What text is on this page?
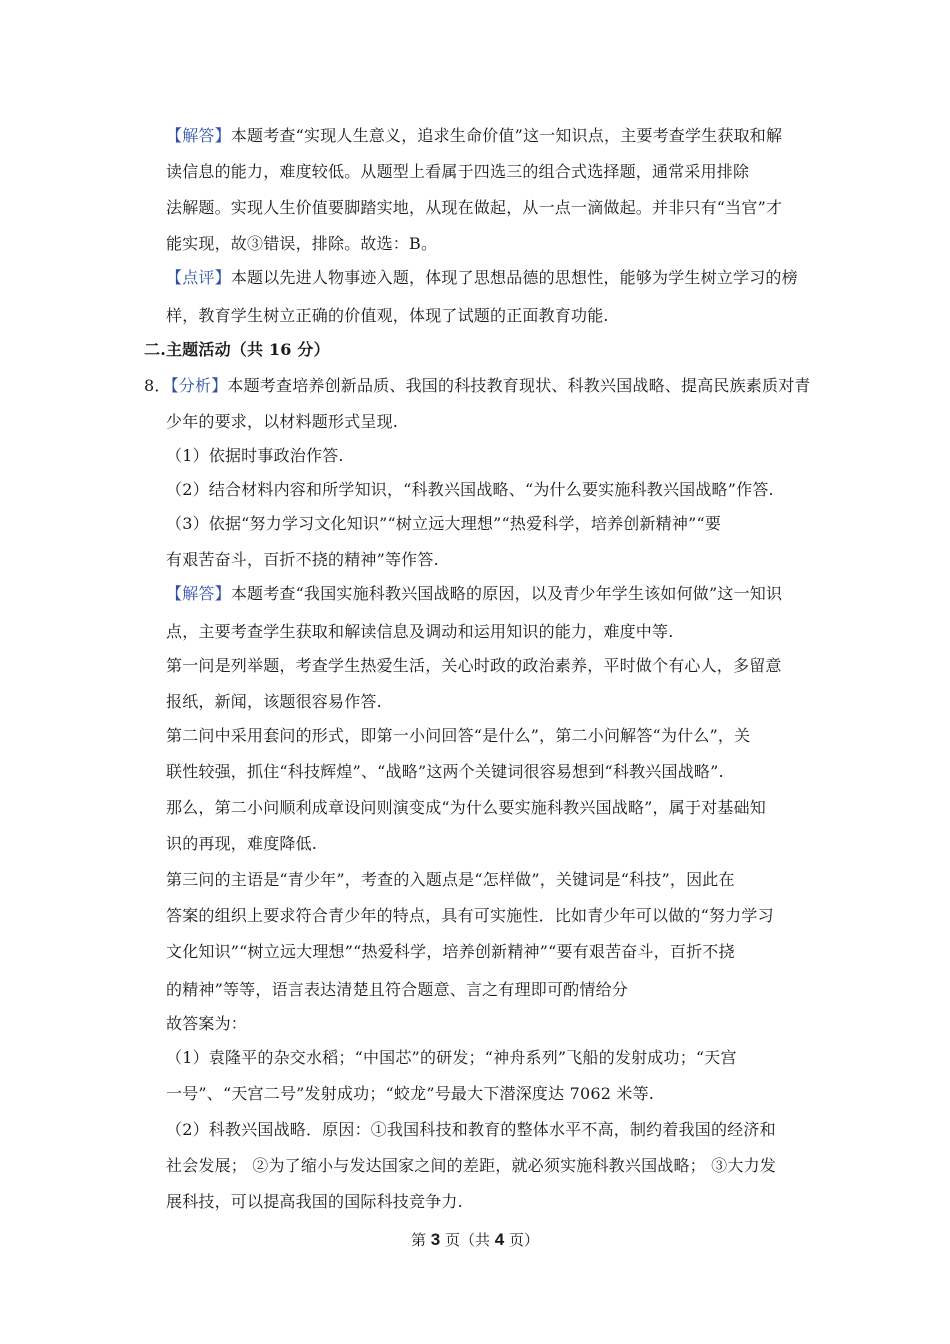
【解答】本题考查“实现人生意义，追求生命价值”这一知识点，主要考查学生获取和解
读信息的能力，难度较低。从题型上看属于四选三的组合式选择题，通常采用排除
法解题。实现人生价值要脚踏实地，从现在做起，从一点一滴做起。并非只有“当官”才
能实现，故③错误，排除。故选：B。
【点评】本题以先进人物事迹入题，体现了思想品德的思想性，能够为学生树立学习的榜
样，教育学生树立正确的价值观，体现了试题的正面教育功能.
二.主题活动（共 16 分）
8．【分析】本题考查培养创新品质、我国的科技教育现状、科教兴国战略、提高民族素质对青
少年的要求，以材料题形式呈现.
（1）依据时事政治作答.
（2）结合材料内容和所学知识，“科教兴国战略、“为什么要实施科教兴国战略”作答.
（3）依据“努力学习文化知识”“树立远大理想”“热爱科学，培养创新精神”“要
有艰苦奋斗，百折不挠的精神”等作答.
【解答】本题考查“我国实施科教兴国战略的原因，以及青少年学生该如何做”这一知识
点，主要考查学生获取和解读信息及调动和运用知识的能力，难度中等.
第一问是列举题，考查学生热爱生活，关心时政的政治素养，平时做个有心人，多留意
报纸，新闻，该题很容易作答.
第二问中采用套问的形式，即第一小问回答“是什么”，第二小问解答“为什么”，关
联性较强，抓住“科技辉煌”、“战略”这两个关键词很容易想到“科教兴国战略”.
那么，第二小问顺利成章设问则演变成“为什么要实施科教兴国战略”，属于对基础知
识的再现，难度降低.
第三问的主语是“青少年”，考查的入题点是“怎样做”，关键词是“科技”，因此在
答案的组织上要求符合青少年的特点，具有可实施性．比如青少年可以做的“努力学习
文化知识”“树立远大理想”“热爱科学，培养创新精神”“要有艰苦奋斗，百折不挠
的精神”等等，语言表达清楚且符合题意、言之有理即可酌情给分
故答案为：
（1）袁隆平的杂交水稻；“中国芯”的研发；“神舟系列”飞船的发射成功；“天宫
一号”、“天宫二号”发射成功；“蛟龙”号最大下潜深度达 7062 米等.
（2）科教兴国战略．原因：①我国科技和教育的整体水平不高，制约着我国的经济和
社会发展； ②为了缩小与发达国家之间的差距，就必须实施科教兴国战略； ③大力发
展科技，可以提高我国的国际科技竞争力.
第 3 页（共 4 页）
